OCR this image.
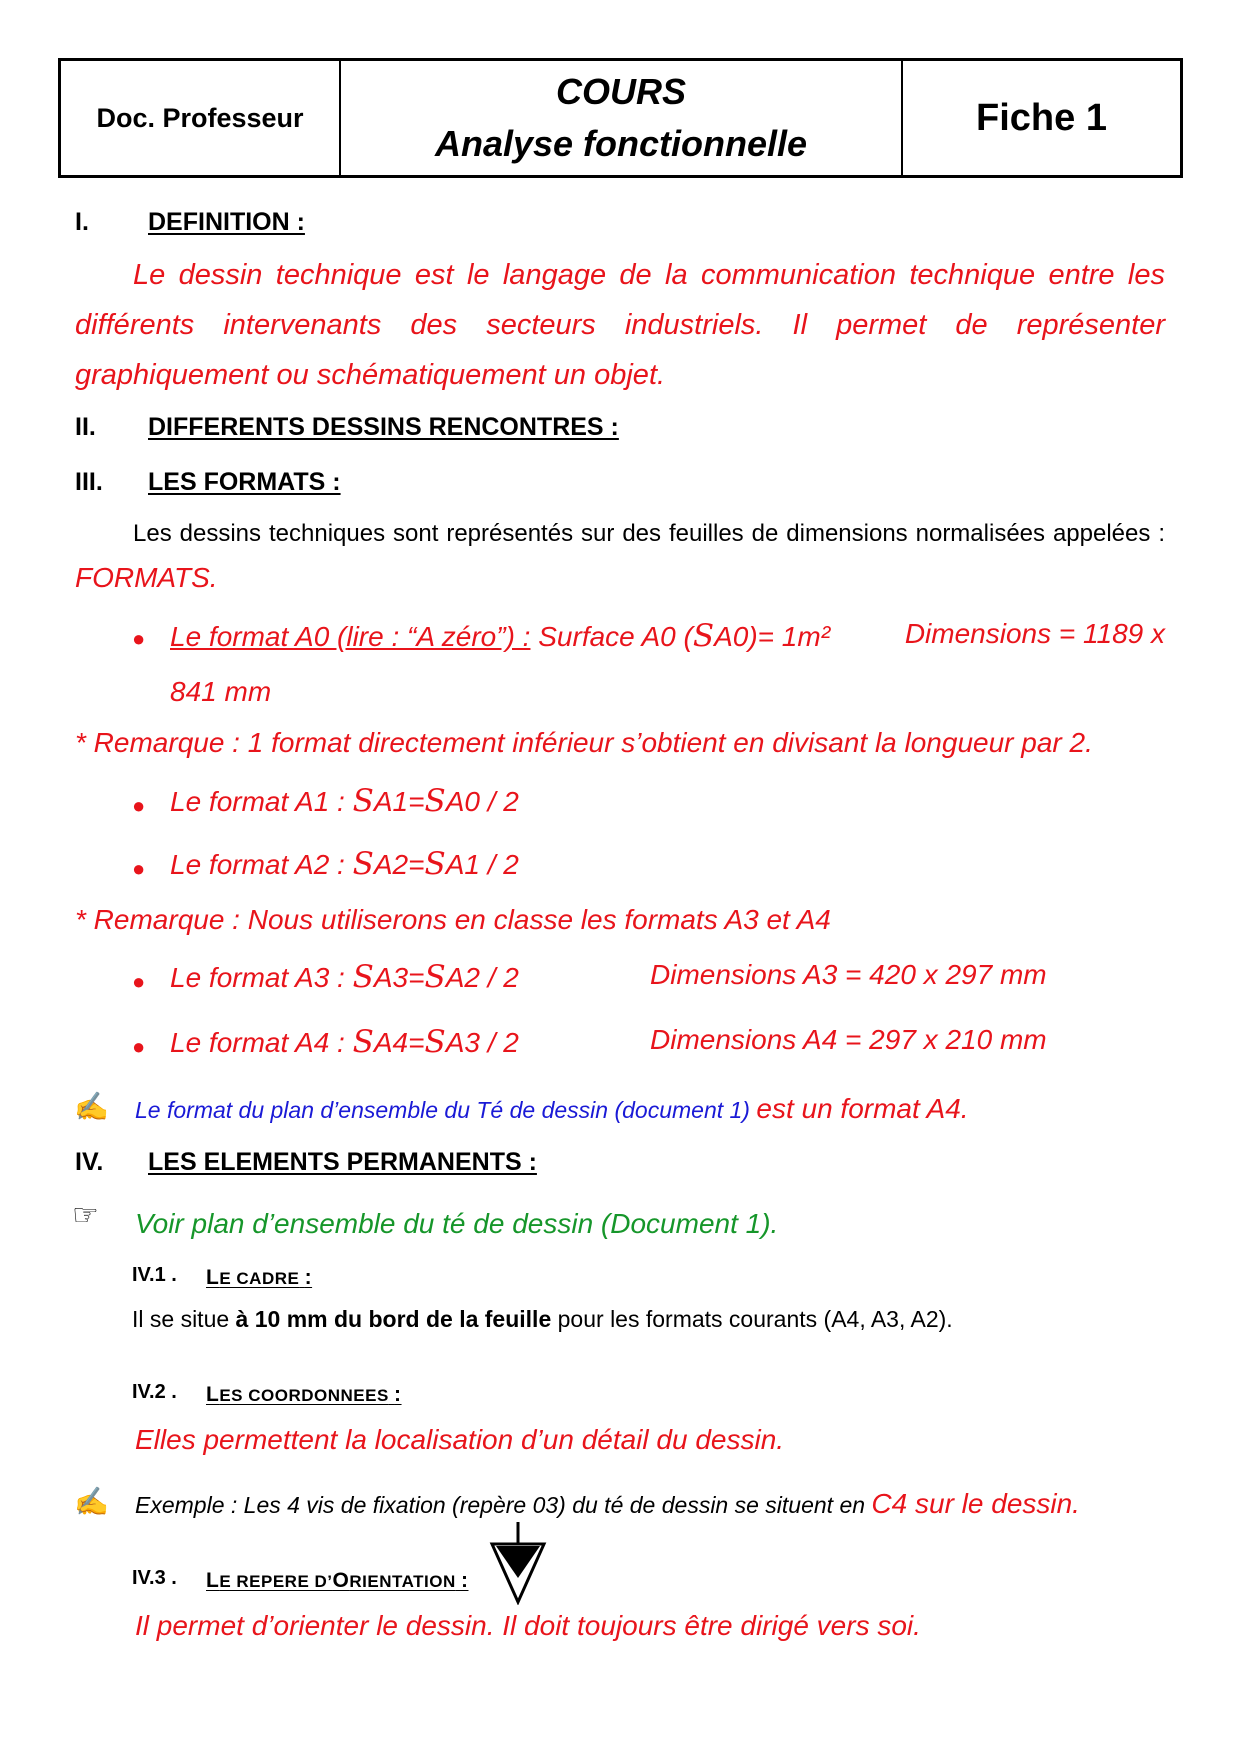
Doc. Professeur
COURS
Analyse fonctionnelle
Fiche 1
I. DEFINITION :
Le dessin technique est le langage de la communication technique entre les différents intervenants des secteurs industriels. Il permet de représenter graphiquement ou schématiquement un objet.
II. DIFFERENTS DESSINS RENCONTRES :
III. LES FORMATS :
Les dessins techniques sont représentés sur des feuilles de dimensions normalisées appelées : FORMATS.
● Le format A0 (lire : “A zéro”) : Surface A0 (SA0)= 1m²	Dimensions = 1189 x
841 mm
* Remarque : 1 format directement inférieur s’obtient en divisant la longueur par 2.
● Le format A1 : SA1=SA0 / 2
● Le format A2 : SA2=SA1 / 2
* Remarque : Nous utiliserons en classe les formats A3 et A4
● Le format A3 : SA3=SA2 / 2	Dimensions A3 = 420 x 297 mm
● Le format A4 : SA4=SA3 / 2	Dimensions A4 = 297 x 210 mm
✍ Le format du plan d’ensemble du Té de dessin (document 1) est un format A4.
IV. LES ELEMENTS PERMANENTS :
☞ Voir plan d’ensemble du té de dessin (Document 1).
IV.1 . LE CADRE :
Il se situe à 10 mm du bord de la feuille pour les formats courants (A4, A3, A2).
IV.2 . LES COORDONNEES :
Elles permettent la localisation d’un détail du dessin.
✍ Exemple : Les 4 vis de fixation (repère 03) du té de dessin se situent en C4 sur le dessin.
IV.3 . LE REPERE D’ORIENTATION :
Il permet d’orienter le dessin. Il doit toujours être dirigé vers soi.
